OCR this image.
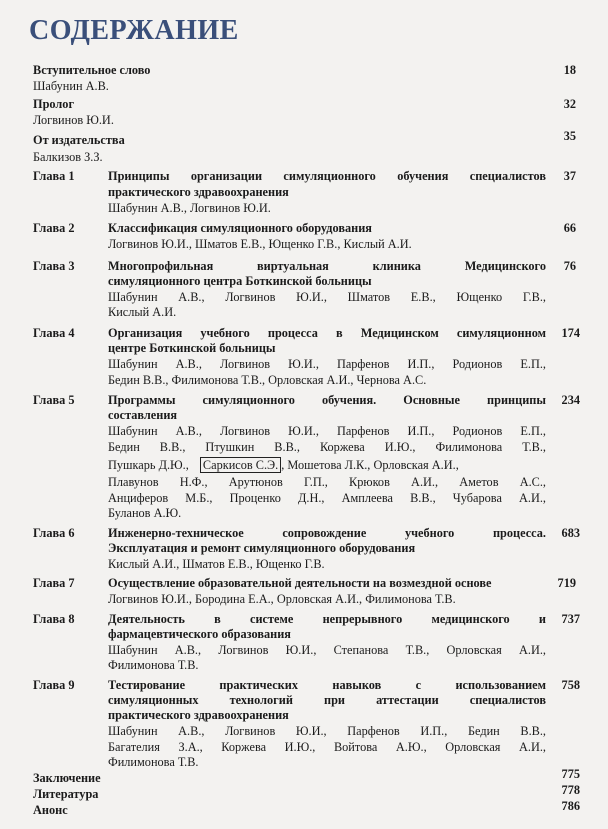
СОДЕРЖАНИЕ
Вступительное слово	18
Шабунин А.В.
Пролог	32
Логвинов Ю.И.
От издательства	35
Балкизов З.З.
Глава 1	Принципы организации симуляционного обучения специалистов	37
практического здравоохранения
Шабунин А.В., Логвинов Ю.И.
Глава 2	Классификация симуляционного оборудования	66
Логвинов Ю.И., Шматов Е.В., Ющенко Г.В., Кислый А.И.
Глава 3	Многопрофильная виртуальная клиника Медицинского	76
симуляционного центра Боткинской больницы
Шабунин А.В., Логвинов Ю.И., Шматов Е.В., Ющенко Г.В.,
Кислый А.И.
Глава 4	Организация учебного процесса в Медицинском симуляционном	174
центре Боткинской больницы
Шабунин А.В., Логвинов Ю.И., Парфенов И.П., Родионов Е.П.,
Бедин В.В., Филимонова Т.В., Орловская А.И., Чернова А.С.
Глава 5	Программы симуляционного обучения. Основные принципы	234
составления
Шабунин А.В., Логвинов Ю.И., Парфенов И.П., Родионов Е.П.,
Бедин В.В., Птушкин В.В., Коржева И.Ю., Филимонова Т.В.,
Пушкарь Д.Ю., Саркисов С.Э. , Мошетова Л.К., Орловская А.И.,
Плавунов Н.Ф., Арутюнов Г.П., Крюков А.И., Аметов А.С.,
Анциферов М.Б., Проценко Д.Н., Амплеева В.В., Чубарова А.И.,
Буланов А.Ю.
Глава 6	Инженерно-техническое сопровождение учебного процесса.	683
Эксплуатация и ремонт симуляционного оборудования
Кислый А.И., Шматов Е.В., Ющенко Г.В.
Глава 7	Осуществление образовательной деятельности на возмездной основе	719
Логвинов Ю.И., Бородина Е.А., Орловская А.И., Филимонова Т.В.
Глава 8	Деятельность в системе непрерывного медицинского и	737
фармацевтического образования
Шабунин А.В., Логвинов Ю.И., Степанова Т.В., Орловская А.И.,
Филимонова Т.В.
Глава 9	Тестирование практических навыков с использованием	758
симуляционных технологий при аттестации специалистов
практического здравоохранения
Шабунин А.В., Логвинов Ю.И., Парфенов И.П., Бедин В.В.,
Багателия З.А., Коржева И.Ю., Войтова А.Ю., Орловская А.И.,
Филимонова Т.В.
Заключение	775
Литература	778
Анонс	786
